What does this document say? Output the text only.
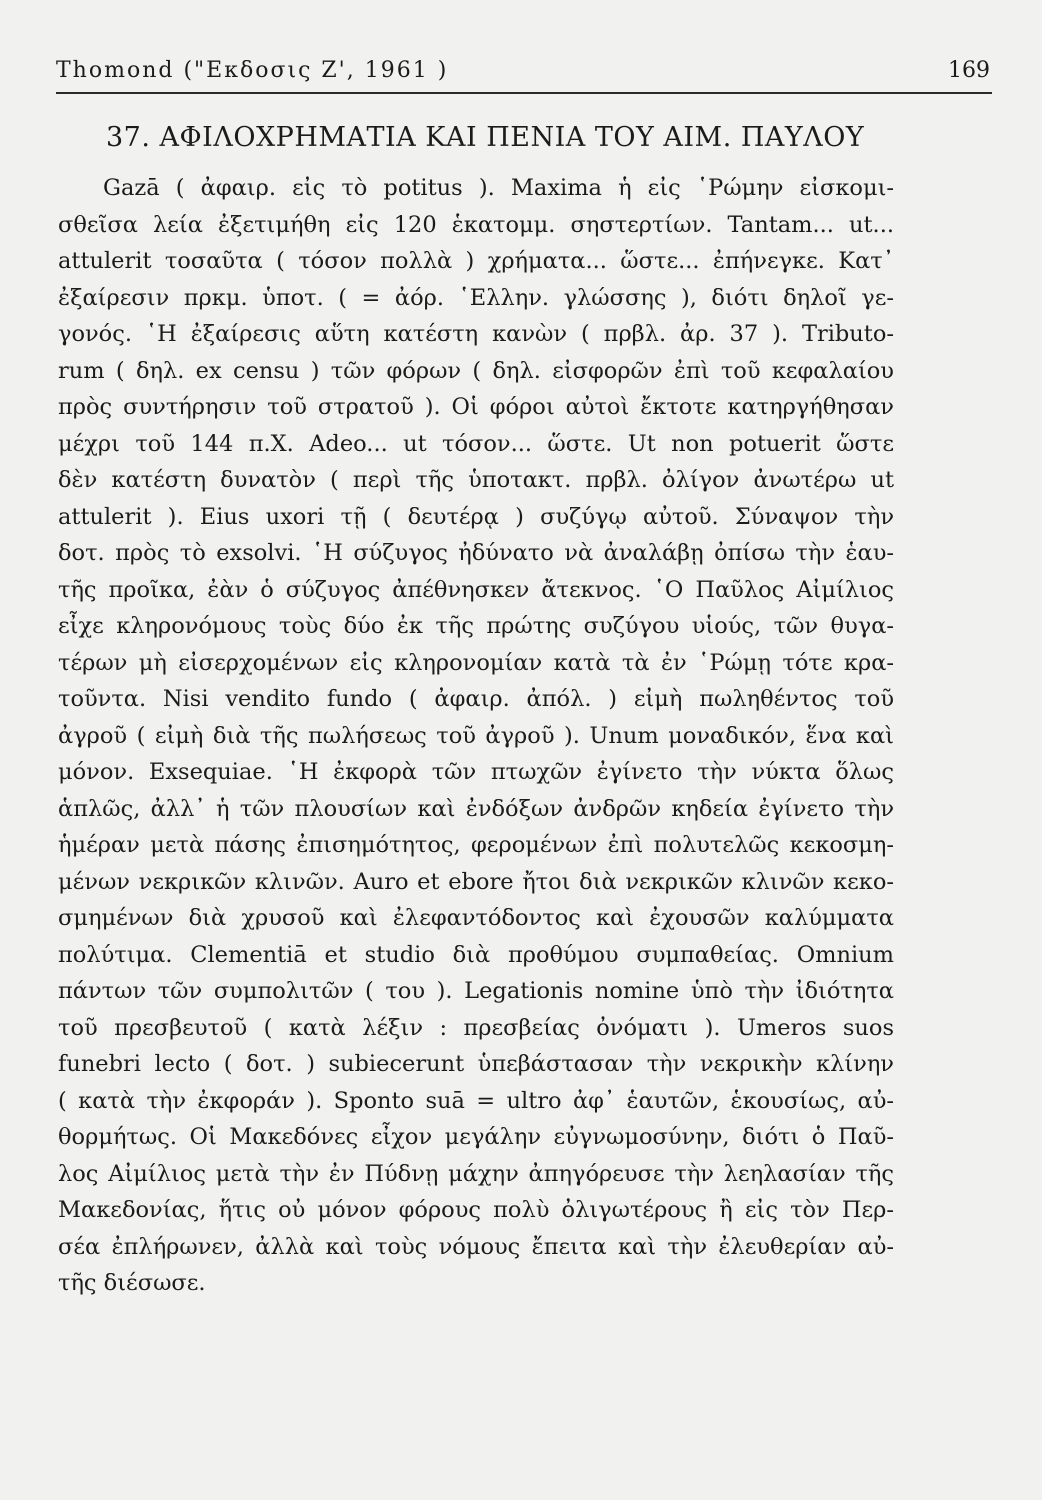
Thomond ("Εκδοσις Ζ', 1961 )	169
37. ΑΦΙΛΟΧΡΗΜΑΤΙΑ ΚΑΙ ΠΕΝΙΑ ΤΟΥ ΑΙΜ. ΠΑΥΛΟΥ
Gazā ( ἀφαιρ. εἰς τὸ potitus ). Maxima ἡ εἰς ῾Ρώμην εἰσκομι-
σθεῖσα λεία ἐξετιμήθη εἰς 120 ἑκατομμ. σηστερτίων. Tantam... ut...
attulerit τοσαῦτα ( τόσον πολλὰ ) χρήματα... ὥστε... ἐπήνεγκε. Κατ᾿
ἐξαίρεσιν πρκμ. ὑποτ. ( = ἀόρ. ῾Ελλην. γλώσσης ), διότι δηλοῖ γε-
γονός. ῾Η ἐξαίρεσις αὕτη κατέστη κανὼν ( πρβλ. ἀρ. 37 ). Tributo-
rum ( δηλ. ex censu ) τῶν φόρων ( δηλ. εἰσφορῶν ἐπὶ τοῦ κεφαλαίου
πρὸς συντήρησιν τοῦ στρατοῦ ). Οἱ φόροι αὐτοὶ ἔκτοτε κατηργήθησαν
μέχρι τοῦ 144 π.Χ. Adeo... ut τόσον... ὥστε. Ut non potuerit ὥστε
δὲν κατέστη δυνατὸν ( περὶ τῆς ὑποτακτ. πρβλ. ὀλίγον ἀνωτέρω ut
attulerit ). Eius uxori τῇ ( δευτέρᾳ ) συζύγῳ αὐτοῦ. Σύναψον τὴν
δοτ. πρὸς τὸ exsolvi. ῾Η σύζυγος ἠδύνατο νὰ ἀναλάβῃ ὀπίσω τὴν ἑαυ-
τῆς προῖκα, ἐὰν ὁ σύζυγος ἀπέθνησκεν ἄτεκνος. ῾Ο Παῦλος Αἰμίλιος
εἶχε κληρονόμους τοὺς δύο ἐκ τῆς πρώτης συζύγου υἱούς, τῶν θυγα-
τέρων μὴ εἰσερχομένων εἰς κληρονομίαν κατὰ τὰ ἐν ῾Ρώμῃ τότε κρα-
τοῦντα. Nisi vendito fundo ( ἀφαιρ. ἀπόλ. ) εἰμὴ πωληθέντος τοῦ
ἀγροῦ ( εἰμὴ διὰ τῆς πωλήσεως τοῦ ἀγροῦ ). Unum μοναδικόν, ἕνα καὶ
μόνον. Exsequiae. ῾Η ἐκφορὰ τῶν πτωχῶν ἐγίνετο τὴν νύκτα ὅλως
ἁπλῶς, ἀλλ᾿ ἡ τῶν πλουσίων καὶ ἐνδόξων ἀνδρῶν κηδεία ἐγίνετο τὴν
ἡμέραν μετὰ πάσης ἐπισημότητος, φερομένων ἐπὶ πολυτελῶς κεκοσμη-
μένων νεκρικῶν κλινῶν. Auro et ebore ἤτοι διὰ νεκρικῶν κλινῶν κεκο-
σμημένων διὰ χρυσοῦ καὶ ἐλεφαντόδοντος καὶ ἐχουσῶν καλύμματα
πολύτιμα. Clementiā et studio διὰ προθύμου συμπαθείας. Omnium
πάντων τῶν συμπολιτῶν ( του ). Legationis nomine ὑπὸ τὴν ἰδιότητα
τοῦ πρεσβευτοῦ ( κατὰ λέξιν : πρεσβείας ὀνόματι ). Umeros suos
funebri lecto ( δοτ. ) subiecerunt ὑπεβάστασαν τὴν νεκρικὴν κλίνην
( κατὰ τὴν ἐκφοράν ). Sponto suā = ultro ἀφ᾿ ἑαυτῶν, ἑκουσίως, αὐ-
θορμήτως. Οἱ Μακεδόνες εἶχον μεγάλην εὐγνωμοσύνην, διότι ὁ Παῦ-
λος Αἰμίλιος μετὰ τὴν ἐν Πύδνῃ μάχην ἀπηγόρευσε τὴν λεηλασίαν τῆς
Μακεδονίας, ἥτις οὐ μόνον φόρους πολὺ ὀλιγωτέρους ἢ εἰς τὸν Περ-
σέα ἐπλήρωνεν, ἀλλὰ καὶ τοὺς νόμους ἔπειτα καὶ τὴν ἐλευθερίαν αὐ-
τῆς διέσωσε.
